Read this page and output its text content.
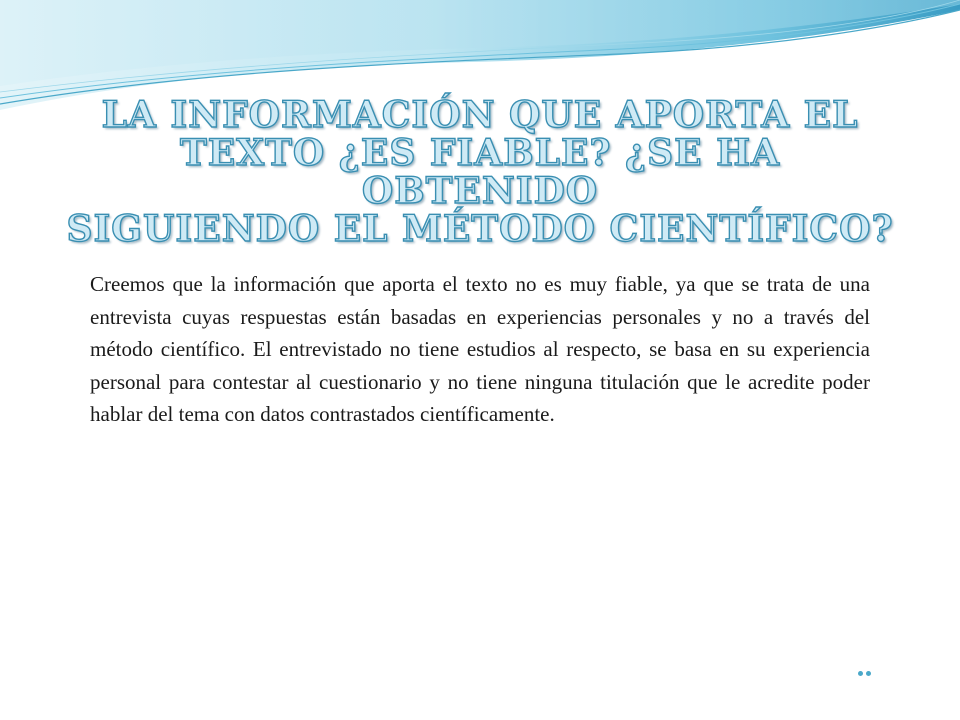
LA INFORMACIÓN QUE APORTA EL
TEXTO ¿ES FIABLE? ¿SE HA OBTENIDO
SIGUIENDO EL MÉTODO CIENTÍFICO?

Creemos que la información que aporta el texto no es muy fiable, ya que se trata de una entrevista cuyas respuestas están basadas en experiencias personales y no a través del método científico. El entrevistado no tiene estudios al respecto, se basa en su experiencia personal para contestar al cuestionario y no tiene ninguna titulación que le acredite poder hablar del tema con datos contrastados científicamente.
